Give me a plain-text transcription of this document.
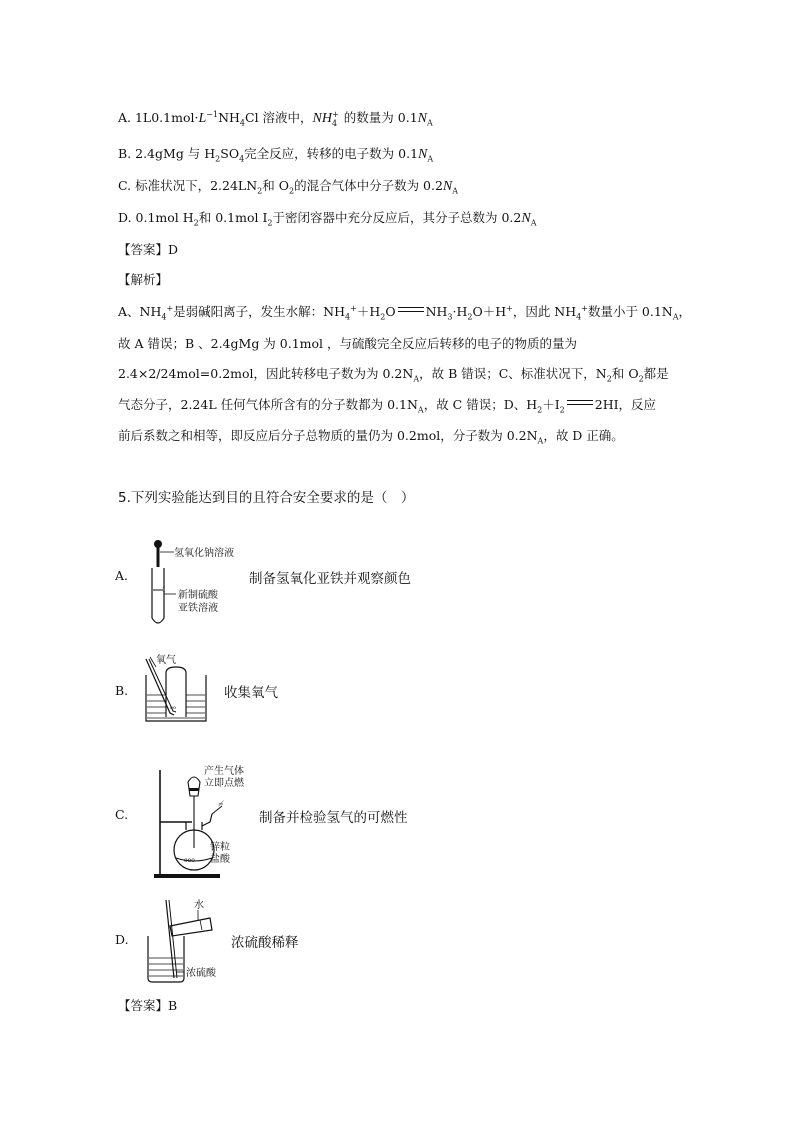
A. $1L0.1mol\cdot L^{-1}NH_4Cl$ 溶液中，$NH_4^+$ 的数量为 $0.1N_A$
B. 2.4gMg 与 $H_2SO_4$完全反应，转移的电子数为 $0.1N_A$
C. 标准状况下，$2.24LN_2$和 $O_2$的混合气体中分子数为 $0.2N_A$
D. 0.1mol $H_2$和 0.1mol $I_2$于密闭容器中充分反应后，其分子总数为 $0.2N_A$
【答案】D
【解析】
A、$NH_4^+$是弱碱阳离子，发生水解：$NH_4^++H_2O$ $NH_3\cdot H_2O+H^+$，因此 $NH_4^+$数量小于 $0.1N_A$，
故 A 错误；B 、2.4gMg 为 0.1mol ，与硫酸完全反应后转移的电子的物质的量为
2.4×2/24mol=0.2mol，因此转移电子数为为 $0.2N_A$，故 B 错误；C、标准状况下，$N_2$和 $O_2$都是
气态分子，2.24L 任何气体所含有的分子数都为 $0.1N_A$，故 C 错误；D、$H_2+I_2$ 2HI，反应
前后系数之和相等，即反应后分子总物质的量仍为 0.2mol，分子数为 $0.2N_A$，故 D 正确。
5.下列实验能达到目的且符合安全要求的是（　）
A.
1
氢氧化钠溶液
新制硫酸
亚铁溶液
制备氢氧化亚铁并观察颜色
B.
oo
氧气
收集氧气
C.
ooo
≁
产生气体
立即点燃
锌粒
盐酸
制备并检验氢气的可燃性
D.
水
浓硫酸
浓硫酸稀释
【答案】B
